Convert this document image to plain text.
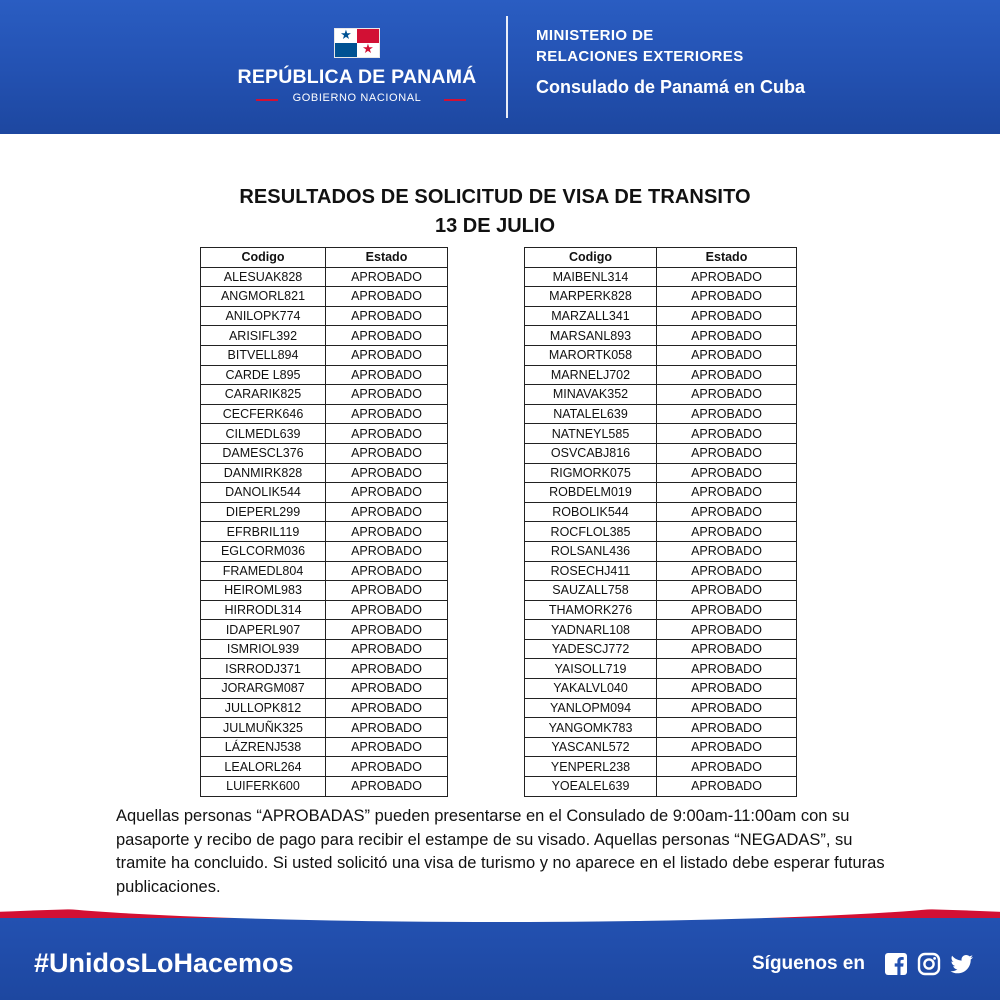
★
★
REPÚBLICA DE PANAMÁ
GOBIERNO NACIONAL
MINISTERIO DE
RELACIONES EXTERIORES
Consulado de Panamá en Cuba
RESULTADOS DE SOLICITUD DE VISA DE TRANSITO
13 DE JULIO
Codigo	Estado
ALESUAK828	APROBADO
ANGMORL821	APROBADO
ANILOPK774	APROBADO
ARISIFL392	APROBADO
BITVELL894	APROBADO
CARDE L895	APROBADO
CARARIK825	APROBADO
CECFERK646	APROBADO
CILMEDL639	APROBADO
DAMESCL376	APROBADO
DANMIRK828	APROBADO
DANOLIK544	APROBADO
DIEPERL299	APROBADO
EFRBRIL119	APROBADO
EGLCORM036	APROBADO
FRAMEDL804	APROBADO
HEIROML983	APROBADO
HIRRODL314	APROBADO
IDAPERL907	APROBADO
ISMRIOL939	APROBADO
ISRRODJ371	APROBADO
JORARGM087	APROBADO
JULLOPK812	APROBADO
JULMUÑK325	APROBADO
LÁZRENJ538	APROBADO
LEALORL264	APROBADO
LUIFERK600	APROBADO
Codigo	Estado
MAIBENL314	APROBADO
MARPERK828	APROBADO
MARZALL341	APROBADO
MARSANL893	APROBADO
MARORTK058	APROBADO
MARNELJ702	APROBADO
MINAVAK352	APROBADO
NATALEL639	APROBADO
NATNEYL585	APROBADO
OSVCABJ816	APROBADO
RIGMORK075	APROBADO
ROBDELM019	APROBADO
ROBOLIK544	APROBADO
ROCFLOL385	APROBADO
ROLSANL436	APROBADO
ROSECHJ411	APROBADO
SAUZALL758	APROBADO
THAMORK276	APROBADO
YADNARL108	APROBADO
YADESCJ772	APROBADO
YAISOLL719	APROBADO
YAKALVL040	APROBADO
YANLOPM094	APROBADO
YANGOMK783	APROBADO
YASCANL572	APROBADO
YENPERL238	APROBADO
YOEALEL639	APROBADO

Aquellas personas “APROBADAS” pueden presentarse en el Consulado de 9:00am-11:00am con su pasaporte y recibo de pago para recibir el estampe de su visado. Aquellas personas “NEGADAS”, su tramite ha concluido. Si usted solicitó una visa de turismo y no aparece en el listado debe esperar futuras publicaciones.

#UnidosLoHacemos	Síguenos en
